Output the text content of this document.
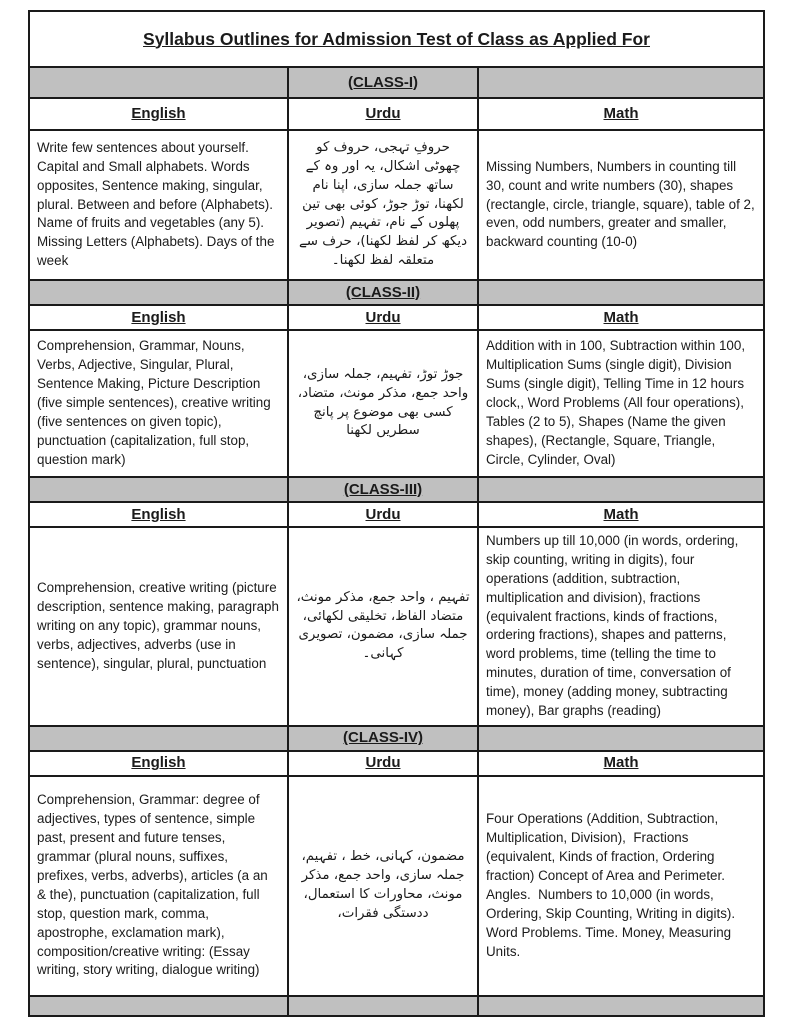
Syllabus Outlines for Admission Test of Class as Applied For		
	(CLASS-I)	
English	Urdu	Math
Write few sentences about yourself. Capital and Small alphabets. Words opposites, Sentence making, singular, plural. Between and before (Alphabets). Name of fruits and vegetables (any 5). Missing Letters (Alphabets). Days of the week	حروفِ تہجی، حروف کو چھوٹی اشکال، یہ اور وہ کے ساتھ جملہ سازی، اپنا نام لکھنا، توڑ جوڑ، کوئی بھی تین پھلوں کے نام، تفہیم (تصویر دیکھ کر لفظ لکھنا)، حرف سے متعلقہ لفظ لکھنا۔	Missing Numbers, Numbers in counting till 30, count and write numbers (30), shapes (rectangle, circle, triangle, square), table of 2, even, odd numbers, greater and smaller, backward counting (10-0)
	(CLASS-II)	
English	Urdu	Math
Comprehension, Grammar, Nouns, Verbs, Adjective, Singular, Plural, Sentence Making, Picture Description    (five simple sentences), creative writing (five sentences on given topic), punctuation (capitalization, full stop, question mark)	جوڑ توڑ، تفہیم، جملہ سازی، واحد جمع، مذکر مونث، متضاد، کسی بھی موضوع پر پانچ سطریں لکھنا	Addition with in 100, Subtraction within 100, Multiplication Sums (single digit), Division Sums (single digit), Telling Time in 12 hours clock,, Word Problems (All four operations), Tables (2 to 5), Shapes (Name the given shapes), (Rectangle, Square, Triangle, Circle, Cylinder, Oval)
	(CLASS-III)	
English	Urdu	Math
Comprehension, creative writing (picture description, sentence making, paragraph writing on any topic), grammar nouns, verbs, adjectives, adverbs (use in sentence), singular, plural, punctuation	تفہیم ، واحد جمع، مذکر مونث، متضاد الفاظ، تخلیقی لکھائی، جملہ سازی، مضمون، تصویری کہانی۔	Numbers up till 10,000 (in words, ordering, skip counting, writing in digits), four operations (addition, subtraction, multiplication and division), fractions (equivalent fractions, kinds of fractions, ordering fractions), shapes and patterns, word problems, time (telling the time to minutes, duration of time, conversation of time), money (adding money, subtracting money), Bar graphs (reading)
	(CLASS-IV)	
English	Urdu	Math
Comprehension, Grammar: degree of adjectives, types of sentence, simple past, present and future tenses, grammar (plural nouns, suffixes, prefixes, verbs, adverbs), articles (a an & the), punctuation (capitalization, full stop, question mark, comma, apostrophe, exclamation mark), composition/creative writing: (Essay writing, story writing, dialogue writing)	مضمون، کہانی، خط ، تفہیم، جملہ سازی، واحد جمع، مذکر مونث، محاورات کا استعمال، ددستگی فقرات،	Four Operations (Addition, Subtraction, Multiplication, Division),  Fractions (equivalent, Kinds of fraction, Ordering fraction) Concept of Area and Perimeter. Angles.  Numbers to 10,000 (in words, Ordering, Skip Counting, Writing in digits). Word Problems. Time. Money, Measuring Units.
